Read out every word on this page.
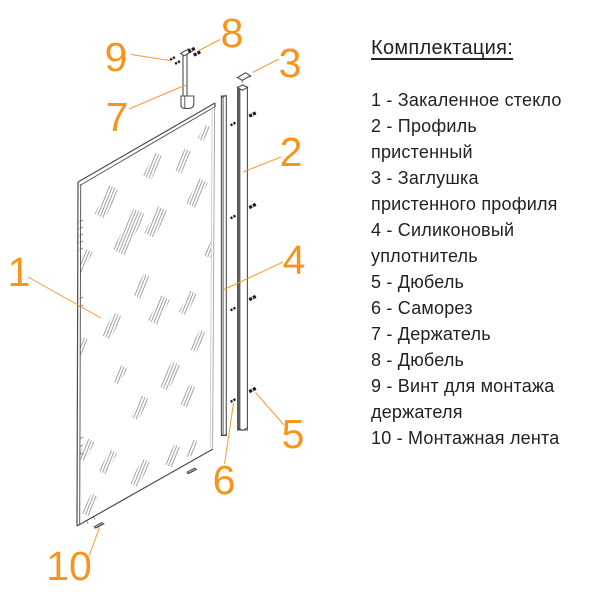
1
2
3
4
5
6
7
8
9
10
Комплектация:
1 - Закаленное стекло
2 - Профиль пристенный
3 - Заглушка пристенного профиля
4 - Силиконовый уплотнитель
5 - Дюбель
6 - Саморез
7 - Держатель
8 - Дюбель
9 - Винт для монтажа держателя
10 - Монтажная лента
